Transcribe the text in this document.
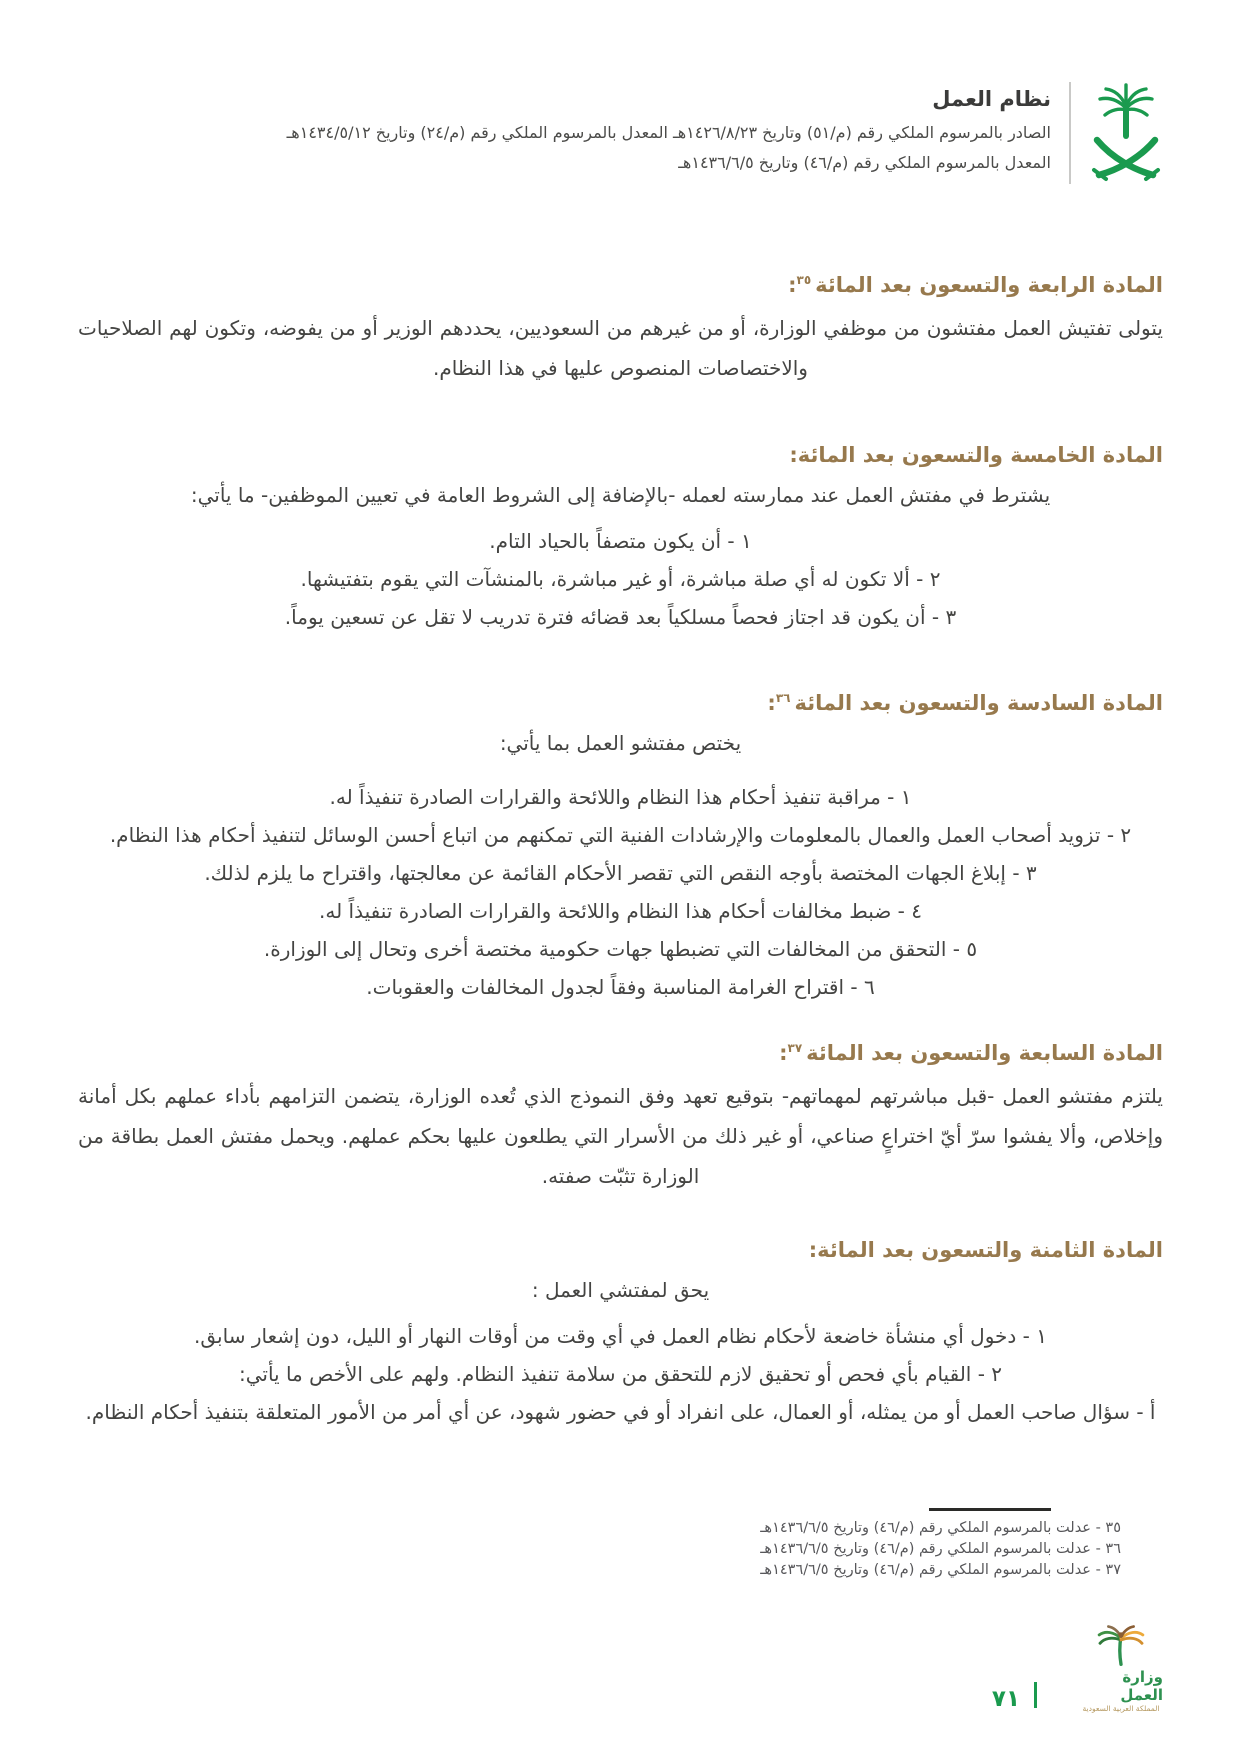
نظام العمل
الصادر بالمرسوم الملكي رقم (م/٥١) وتاريخ ١٤٢٦/٨/٢٣هـ المعدل بالمرسوم الملكي رقم (م/٢٤) وتاريخ ١٤٣٤/٥/١٢هـ
المعدل بالمرسوم الملكي رقم (م/٤٦) وتاريخ ١٤٣٦/٦/٥هـ
المادة الرابعة والتسعون بعد المائة$^{٣٥}$:

يتولى تفتيش العمل مفتشون من موظفي الوزارة، أو من غيرهم من السعوديين، يحددهم الوزير أو من يفوضه، وتكون لهم الصلاحيات والاختصاصات المنصوص عليها في هذا النظام.

المادة الخامسة والتسعون بعد المائة:

يشترط في مفتش العمل عند ممارسته لعمله -بالإضافة إلى الشروط العامة في تعيين الموظفين- ما يأتي:

١ - أن يكون متصفاً بالحياد التام.

٢ - ألا تكون له أي صلة مباشرة، أو غير مباشرة، بالمنشآت التي يقوم بتفتيشها.

٣ - أن يكون قد اجتاز فحصاً مسلكياً بعد قضائه فترة تدريب لا تقل عن تسعين يوماً.

المادة السادسة والتسعون بعد المائة$^{٣٦}$:

يختص مفتشو العمل بما يأتي:

١ - مراقبة تنفيذ أحكام هذا النظام واللائحة والقرارات الصادرة تنفيذاً له.

٢ - تزويد أصحاب العمل والعمال بالمعلومات والإرشادات الفنية التي تمكنهم من اتباع أحسن الوسائل لتنفيذ أحكام هذا النظام.

٣ - إبلاغ الجهات المختصة بأوجه النقص التي تقصر الأحكام القائمة عن معالجتها، واقتراح ما يلزم لذلك.

٤ - ضبط مخالفات أحكام هذا النظام واللائحة والقرارات الصادرة تنفيذاً له.

٥ - التحقق من المخالفات التي تضبطها جهات حكومية مختصة أخرى وتحال إلى الوزارة.

٦ - اقتراح الغرامة المناسبة وفقاً لجدول المخالفات والعقوبات.

المادة السابعة والتسعون بعد المائة$^{٣٧}$:

يلتزم مفتشو العمل -قبل مباشرتهم لمهماتهم- بتوقيع تعهد وفق النموذج الذي تُعده الوزارة، يتضمن التزامهم بأداء عملهم بكل أمانة وإخلاص، وألا يفشوا سرّ أيّ اختراعٍ صناعي، أو غير ذلك من الأسرار التي يطلعون عليها بحكم عملهم. ويحمل مفتش العمل بطاقة من الوزارة تثبّت صفته.

المادة الثامنة والتسعون بعد المائة:

يحق لمفتشي العمل :

١ - دخول أي منشأة خاضعة لأحكام نظام العمل في أي وقت من أوقات النهار أو الليل، دون إشعار سابق.

٢ - القيام بأي فحص أو تحقيق لازم للتحقق من سلامة تنفيذ النظام. ولهم على الأخص ما يأتي:

أ - سؤال صاحب العمل أو من يمثله، أو العمال، على انفراد أو في حضور شهود، عن أي أمر من الأمور المتعلقة بتنفيذ أحكام النظام.

٣٥ - عدلت بالمرسوم الملكي رقم (م/٤٦) وتاريخ ١٤٣٦/٦/٥هـ
٣٦ - عدلت بالمرسوم الملكي رقم (م/٤٦) وتاريخ ١٤٣٦/٦/٥هـ
٣٧ - عدلت بالمرسوم الملكي رقم (م/٤٦) وتاريخ ١٤٣٦/٦/٥هـ
وزارة العمل
المملكة العربية السعودية
٧١
